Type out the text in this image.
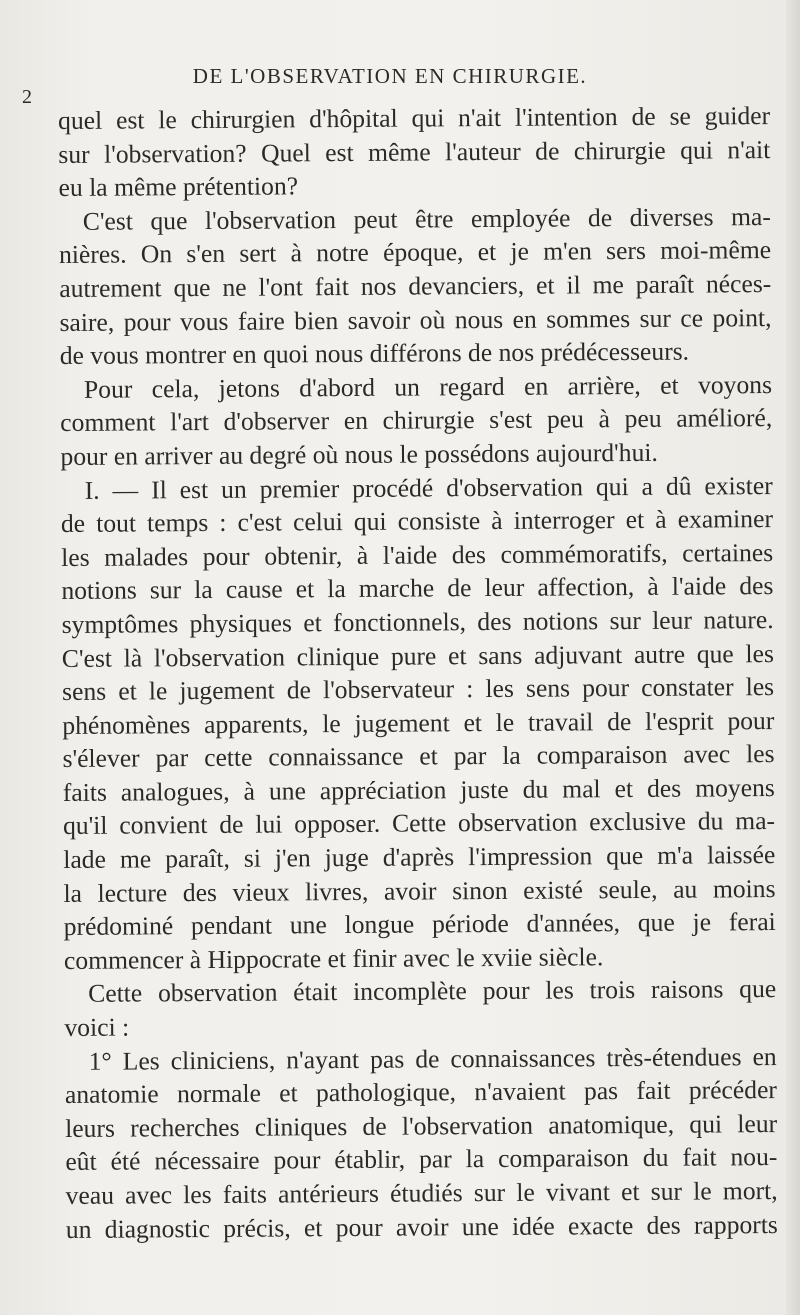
2
DE L'OBSERVATION EN CHIRURGIE.
quel est le chirurgien d'hôpital qui n'ait l'intention de se guider
sur l'observation? Quel est même l'auteur de chirurgie qui n'ait
eu la même prétention?
C'est que l'observation peut être employée de diverses ma-
nières. On s'en sert à notre époque, et je m'en sers moi-même
autrement que ne l'ont fait nos devanciers, et il me paraît néces-
saire, pour vous faire bien savoir où nous en sommes sur ce point,
de vous montrer en quoi nous différons de nos prédécesseurs.
Pour cela, jetons d'abord un regard en arrière, et voyons
comment l'art d'observer en chirurgie s'est peu à peu amélioré,
pour en arriver au degré où nous le possédons aujourd'hui.
I. — Il est un premier procédé d'observation qui a dû exister
de tout temps : c'est celui qui consiste à interroger et à examiner
les malades pour obtenir, à l'aide des commémoratifs, certaines
notions sur la cause et la marche de leur affection, à l'aide des
symptômes physiques et fonctionnels, des notions sur leur nature.
C'est là l'observation clinique pure et sans adjuvant autre que les
sens et le jugement de l'observateur : les sens pour constater les
phénomènes apparents, le jugement et le travail de l'esprit pour
s'élever par cette connaissance et par la comparaison avec les
faits analogues, à une appréciation juste du mal et des moyens
qu'il convient de lui opposer. Cette observation exclusive du ma-
lade me paraît, si j'en juge d'après l'impression que m'a laissée
la lecture des vieux livres, avoir sinon existé seule, au moins
prédominé pendant une longue période d'années, que je ferai
commencer à Hippocrate et finir avec le xviie siècle.
Cette observation était incomplète pour les trois raisons que
voici :
1° Les cliniciens, n'ayant pas de connaissances très-étendues en
anatomie normale et pathologique, n'avaient pas fait précéder
leurs recherches cliniques de l'observation anatomique, qui leur
eût été nécessaire pour établir, par la comparaison du fait nou-
veau avec les faits antérieurs étudiés sur le vivant et sur le mort,
un diagnostic précis, et pour avoir une idée exacte des rapports
